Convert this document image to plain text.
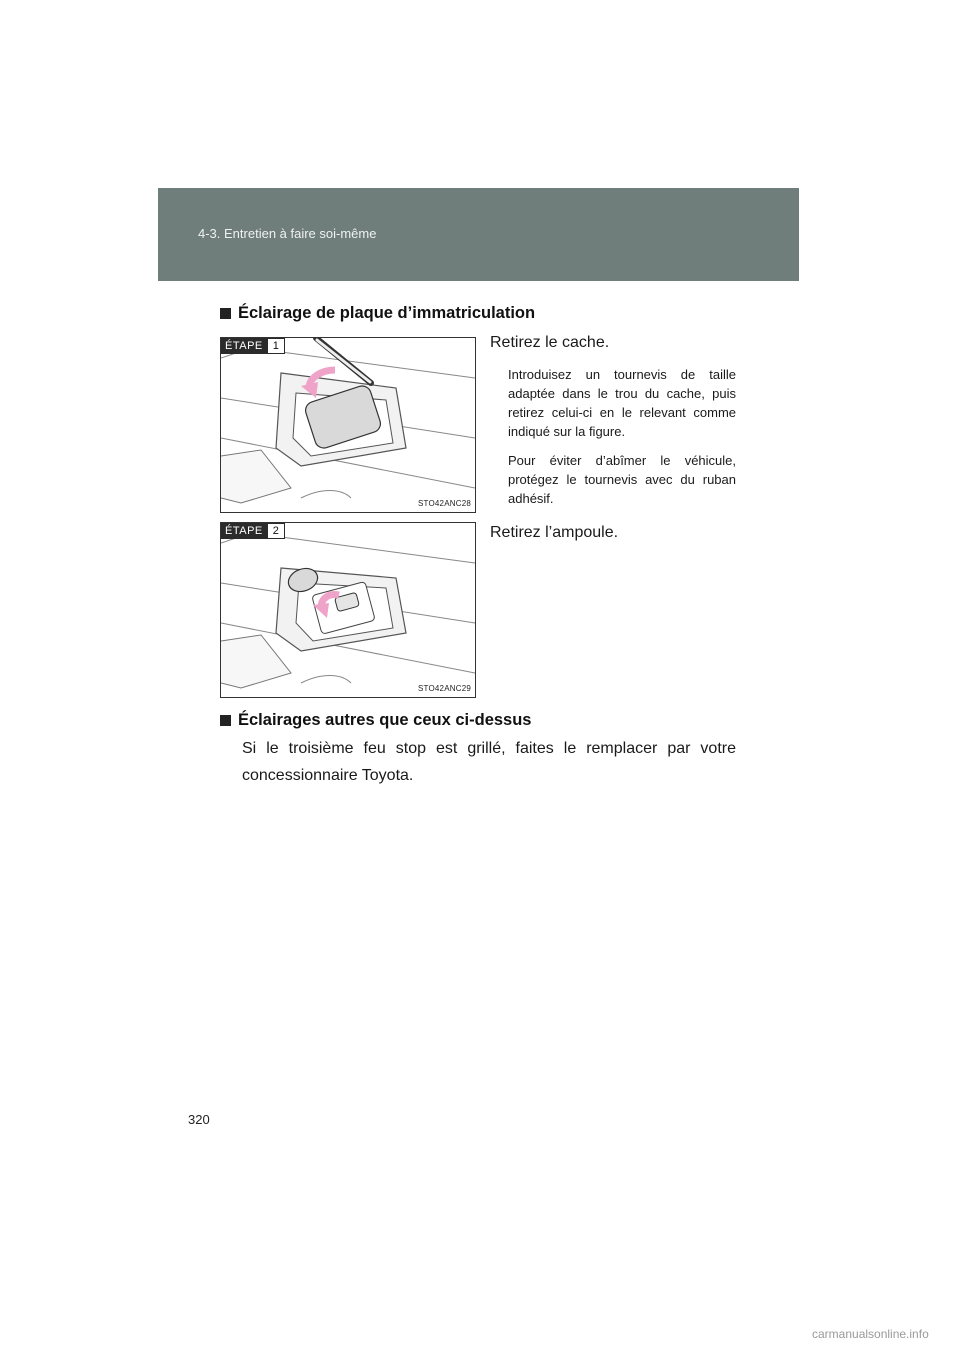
4-3. Entretien à faire soi-même
Éclairage de plaque d’immatriculation
ÉTAPE 1
STO42ANC28
Retirez le cache.

Introduisez un tournevis de taille adaptée dans le trou du cache, puis retirez celui-ci en le relevant comme indiqué sur la figure.

Pour éviter d’abîmer le véhicule, protégez le tournevis avec du ruban adhésif.

ÉTAPE 2
STO42ANC29
Retirez l’ampoule.
Éclairages autres que ceux ci-dessus

Si le troisième feu stop est grillé, faites le remplacer par votre concessionnaire Toyota.

320
carmanualsonline.info
